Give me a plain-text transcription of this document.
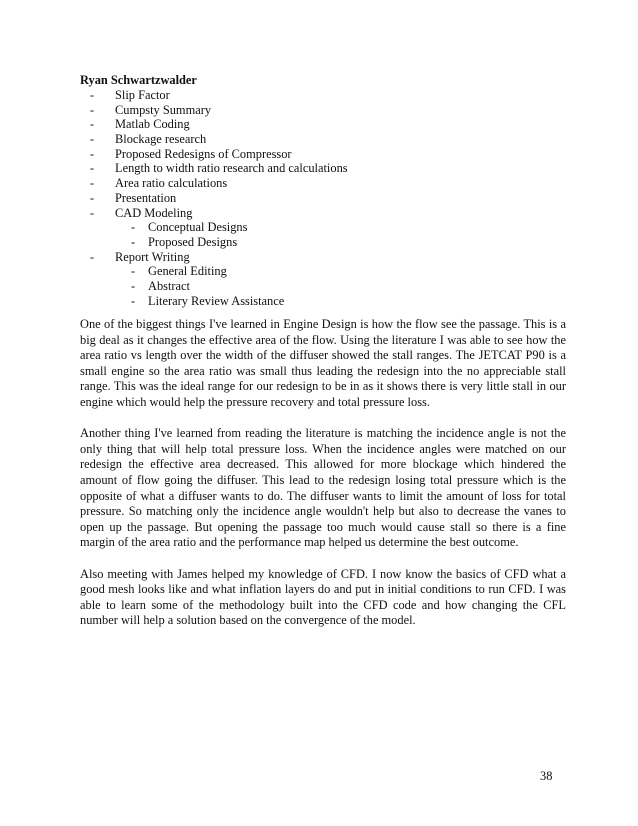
Ryan Schwartzwalder
- Slip Factor
- Cumpsty Summary
- Matlab Coding
- Blockage research
- Proposed Redesigns of Compressor
- Length to width ratio research and calculations
- Area ratio calculations
- Presentation
- CAD Modeling
- Conceptual Designs
- Proposed Designs
- Report Writing
- General Editing
- Abstract
- Literary Review Assistance
One of the biggest things I've learned in Engine Design is how the flow see the passage. This is a
big deal as it changes the effective area of the flow. Using the literature I was able to see how the
area ratio vs length over the width of the diffuser showed the stall ranges. The JETCAT P90 is a
small engine so the area ratio was small thus leading the redesign into the no appreciable stall
range. This was the ideal range for our redesign to be in as it shows there is very little stall in our
engine which would help the pressure recovery and total pressure loss.
Another thing I've learned from reading the literature is matching the incidence angle is not the
only thing that will help total pressure loss. When the incidence angles were matched on our
redesign the effective area decreased. This allowed for more blockage which hindered the
amount of flow going the diffuser. This lead to the redesign losing total pressure which is the
opposite of what a diffuser wants to do. The diffuser wants to limit the amount of loss for total
pressure. So matching only the incidence angle wouldn't help but also to decrease the vanes to
open up the passage. But opening the passage too much would cause stall so there is a fine
margin of the area ratio and the performance map helped us determine the best outcome.
Also meeting with James helped my knowledge of CFD. I now know the basics of CFD what a
good mesh looks like and what inflation layers do and put in initial conditions to run CFD. I was
able to learn some of the methodology built into the CFD code and how changing the CFL
number will help a solution based on the convergence of the model.
38
